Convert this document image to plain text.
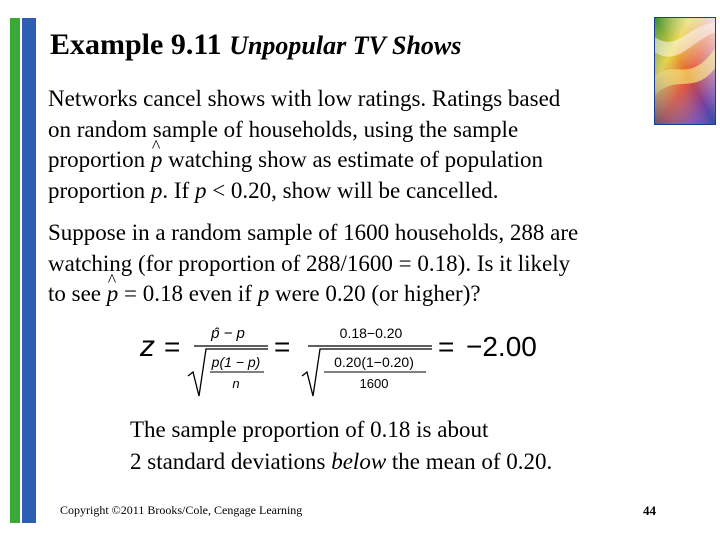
Example 9.11 Unpopular TV Shows
Networks cancel shows with low ratings. Ratings based
on random sample of households, using the sample
proportion ^ p watching show as estimate of population
proportion p. If p < 0.20, show will be cancelled.
Suppose in a random sample of 1600 households, 288 are
watching (for proportion of 288/1600 = 0.18). Is it likely
to see ^ p = 0.18 even if p were 0.20 (or higher)?
z = p̂ − p
p(1 − p)
n
=	0.18−0.20
0.20(1−0.20)
1600
= −2.00
The sample proportion of 0.18 is about
2 standard deviations below the mean of 0.20.
Copyright ©2011 Brooks/Cole, Cengage Learning	44
